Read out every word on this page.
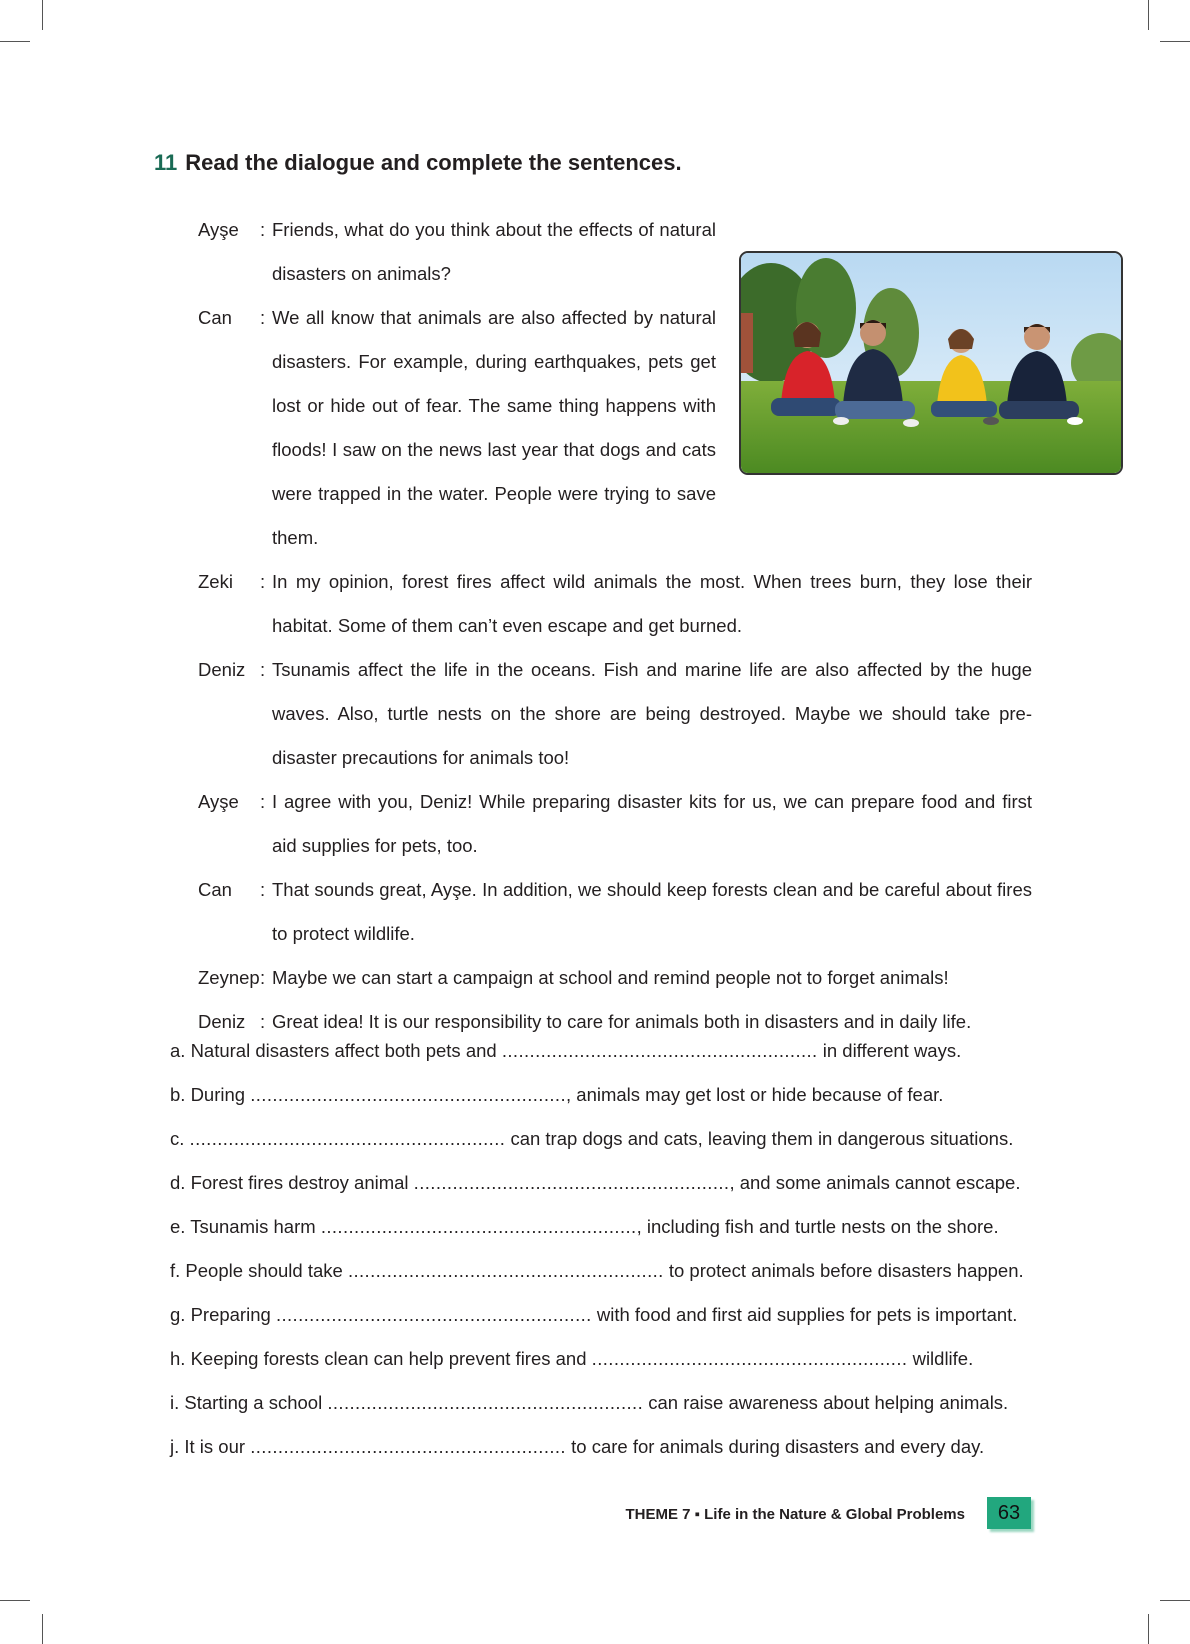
11 Read the dialogue and complete the sentences.
Ayşe : Friends, what do you think about the effects of natural disasters on animals?
Can : We all know that animals are also affected by natural disasters. For example, during earthquakes, pets get lost or hide out of fear. The same thing happens with floods! I saw on the news last year that dogs and cats were trapped in the water. People were trying to save them.
Zeki : In my opinion, forest fires affect wild animals the most. When trees burn, they lose their habitat. Some of them can’t even escape and get burned.
Deniz : Tsunamis affect the life in the oceans. Fish and marine life are also affected by the huge waves. Also, turtle nests on the shore are being destroyed. Maybe we should take pre-disaster precautions for animals too!
Ayşe : I agree with you, Deniz! While preparing disaster kits for us, we can prepare food and first aid supplies for pets, too.
Can : That sounds great, Ayşe. In addition, we should keep forests clean and be careful about fires to protect wildlife.
Zeynep : Maybe we can start a campaign at school and remind people not to forget animals!
Deniz : Great idea! It is our responsibility to care for animals both in disasters and in daily life.
a. Natural disasters affect both pets and ......................................................... in different ways.
b. During ........................................................., animals may get lost or hide because of fear.
c. ......................................................... can trap dogs and cats, leaving them in dangerous situations.
d. Forest fires destroy animal ........................................................., and some animals cannot escape.
e. Tsunamis harm ........................................................., including fish and turtle nests on the shore.
f. People should take ......................................................... to protect animals before disasters happen.
g. Preparing ......................................................... with food and first aid supplies for pets is important.
h. Keeping forests clean can help prevent fires and ......................................................... wildlife.
i. Starting a school ......................................................... can raise awareness about helping animals.
j. It is our ......................................................... to care for animals during disasters and every day.
THEME 7 ▪ Life in the Nature & Global Problems	63
